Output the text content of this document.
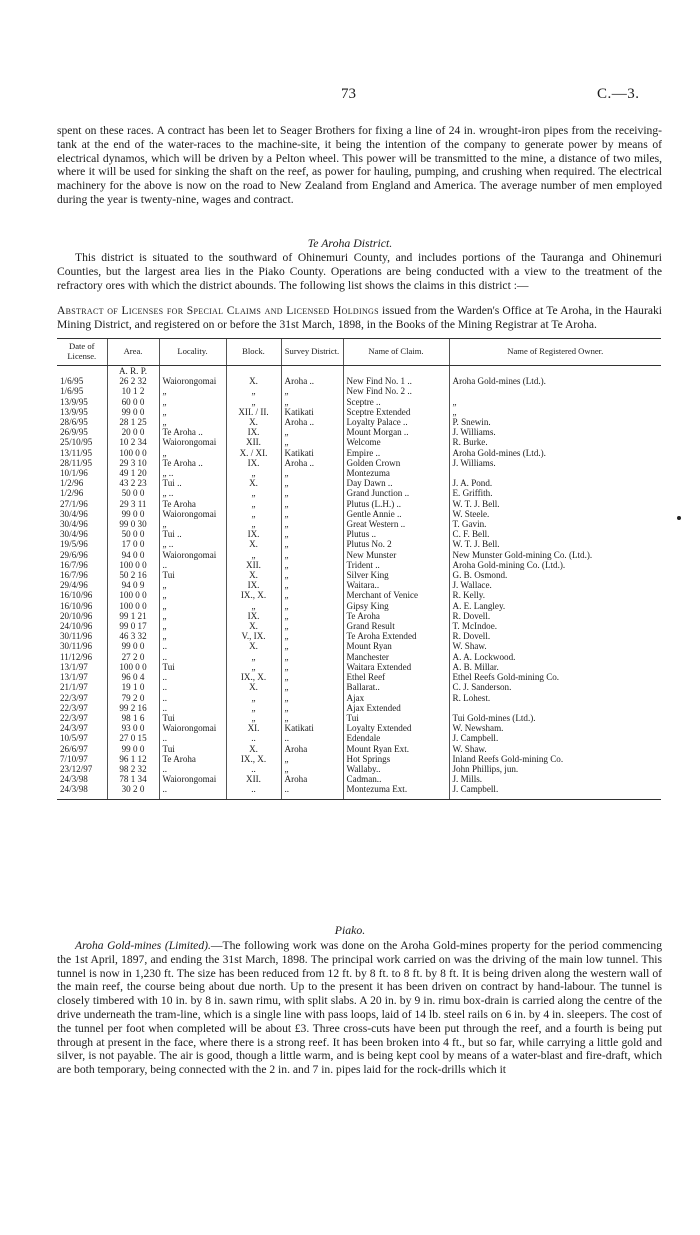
73	C.—3.

spent on these races. A contract has been let to Seager Brothers for fixing a line of 24 in. wrought-iron pipes from the receiving-tank at the end of the water-races to the machine-site, it being the intention of the company to generate power by means of electrical dynamos, which will be driven by a Pelton wheel. This power will be transmitted to the mine, a distance of two miles, where it will be used for sinking the shaft on the reef, as power for hauling, pumping, and crushing when required. The electrical machinery for the above is now on the road to New Zealand from England and America. The average number of men employed during the year is twenty-nine, wages and contract.

Te Aroha District.

This district is situated to the southward of Ohinemuri County, and includes portions of the Tauranga and Ohinemuri Counties, but the largest area lies in the Piako County. Operations are being conducted with a view to the treatment of the refractory ores with which the district abounds. The following list shows the claims in this district :—

Abstract of Licenses for Special Claims and Licensed Holdings issued from the Warden's Office at Te Aroha, in the Hauraki Mining District, and registered on or before the 31st March, 1898, in the Books of the Mining Registrar at Te Aroha.
Date of License.	Area.	Locality.	Block.	Survey District.	Name of Claim.	Name of Registered Owner.
	A. R. P.					
1/6/95	26 2 32	Waiorongomai	X.	Aroha ..	New Find No. 1 ..	Aroha Gold-mines (Ltd.).
1/6/95	10 1 2	„	„	„	New Find No. 2 ..	
13/9/95	60 0 0	„	„	„	Sceptre ..	„
13/9/95	99 0 0	„	XII. / II.	Katikati	Sceptre Extended	„
28/6/95	28 1 25	„	X.	Aroha ..	Loyalty Palace ..	P. Snewin.
26/9/95	20 0 0	Te Aroha ..	IX.	„	Mount Morgan ..	J. Williams.
25/10/95	10 2 34	Waiorongomai	XII.	„	Welcome	R. Burke.
13/11/95	100 0 0	„	X. / XI.	Katikati	Empire ..	Aroha Gold-mines (Ltd.).
28/11/95	29 3 10	Te Aroha ..	IX.	Aroha ..	Golden Crown	J. Williams.
10/1/96	49 1 20	„ ..	„	„	Montezuma	
1/2/96	43 2 23	Tui ..	X.	„	Day Dawn ..	J. A. Pond.
1/2/96	50 0 0	„ ..	„	„	Grand Junction ..	E. Griffith.
27/1/96	29 3 11	Te Aroha	„	„	Plutus (L.H.) ..	W. T. J. Bell.
30/4/96	99 0 0	Waiorongomai	„	„	Gentle Annie ..	W. Steele.
30/4/96	99 0 30	„	„	„	Great Western ..	T. Gavin.
30/4/96	50 0 0	Tui ..	IX.	„	Plutus ..	C. F. Bell.
19/5/96	17 0 0	„ ..	X.	„	Plutus No. 2	W. T. J. Bell.
29/6/96	94 0 0	Waiorongomai	„	„	New Munster	New Munster Gold-mining Co. (Ltd.).
16/7/96	100 0 0	..	XII.	„	Trident ..	Aroha Gold-mining Co. (Ltd.).
16/7/96	50 2 16	Tui	X.	„	Silver King	G. B. Osmond.
29/4/96	94 0 9	„	IX.	„	Waitara..	J. Wallace.
16/10/96	100 0 0	„	IX., X.	„	Merchant of Venice	R. Kelly.
16/10/96	100 0 0	„	„	„	Gipsy King	A. E. Langley.
20/10/96	99 1 21	„	IX.	„	Te Aroha	R. Dovell.
24/10/96	99 0 17	„	X.	„	Grand Result	T. McIndoe.
30/11/96	46 3 32	„	V., IX.	„	Te Aroha Extended	R. Dovell.
30/11/96	99 0 0	..	X.	„	Mount Ryan	W. Shaw.
11/12/96	27 2 0	..	„	„	Manchester	A. A. Lockwood.
13/1/97	100 0 0	Tui	„	„	Waitara Extended	A. B. Millar.
13/1/97	96 0 4	..	IX., X.	„	Ethel Reef	Ethel Reefs Gold-mining Co.
21/1/97	19 1 0	..	X.	„	Ballarat..	C. J. Sanderson.
22/3/97	79 2 0	..	„	„	Ajax	R. Lohest.
22/3/97	99 2 16	..	„	„	Ajax Extended	
22/3/97	98 1 6	Tui	„	„	Tui	Tui Gold-mines (Ltd.).
24/3/97	93 0 0	Waiorongomai	XI.	Katikati	Loyalty Extended	W. Newsham.
10/5/97	27 0 15	..	..	..	Edendale	J. Campbell.
26/6/97	99 0 0	Tui	X.	Aroha	Mount Ryan Ext.	W. Shaw.
7/10/97	96 1 12	Te Aroha	IX., X.	„	Hot Springs	Inland Reefs Gold-mining Co.
23/12/97	98 2 32	..	..	„	Wallaby..	John Phillips, jun.
24/3/98	78 1 34	Waiorongomai	XII.	Aroha	Cadman..	J. Mills.
24/3/98	30 2 0	..	..	..	Montezuma Ext.	J. Campbell.
Piako.

Aroha Gold-mines (Limited).—The following work was done on the Aroha Gold-mines property for the period commencing the 1st April, 1897, and ending the 31st March, 1898. The principal work carried on was the driving of the main low tunnel. This tunnel is now in 1,230 ft. The size has been reduced from 12 ft. by 8 ft. to 8 ft. by 8 ft. It is being driven along the western wall of the main reef, the course being about due north. Up to the present it has been driven on contract by hand-labour. The tunnel is closely timbered with 10 in. by 8 in. sawn rimu, with split slabs. A 20 in. by 9 in. rimu box-drain is carried along the centre of the drive underneath the tram-line, which is a single line with pass loops, laid of 14 lb. steel rails on 6 in. by 4 in. sleepers. The cost of the tunnel per foot when completed will be about £3. Three cross-cuts have been put through the reef, and a fourth is being put through at present in the face, where there is a strong reef. It has been broken into 4 ft., but so far, while carrying a little gold and silver, is not payable. The air is good, though a little warm, and is being kept cool by means of a water-blast and fire-draft, which are both temporary, being connected with the 2 in. and 7 in. pipes laid for the rock-drills which it
